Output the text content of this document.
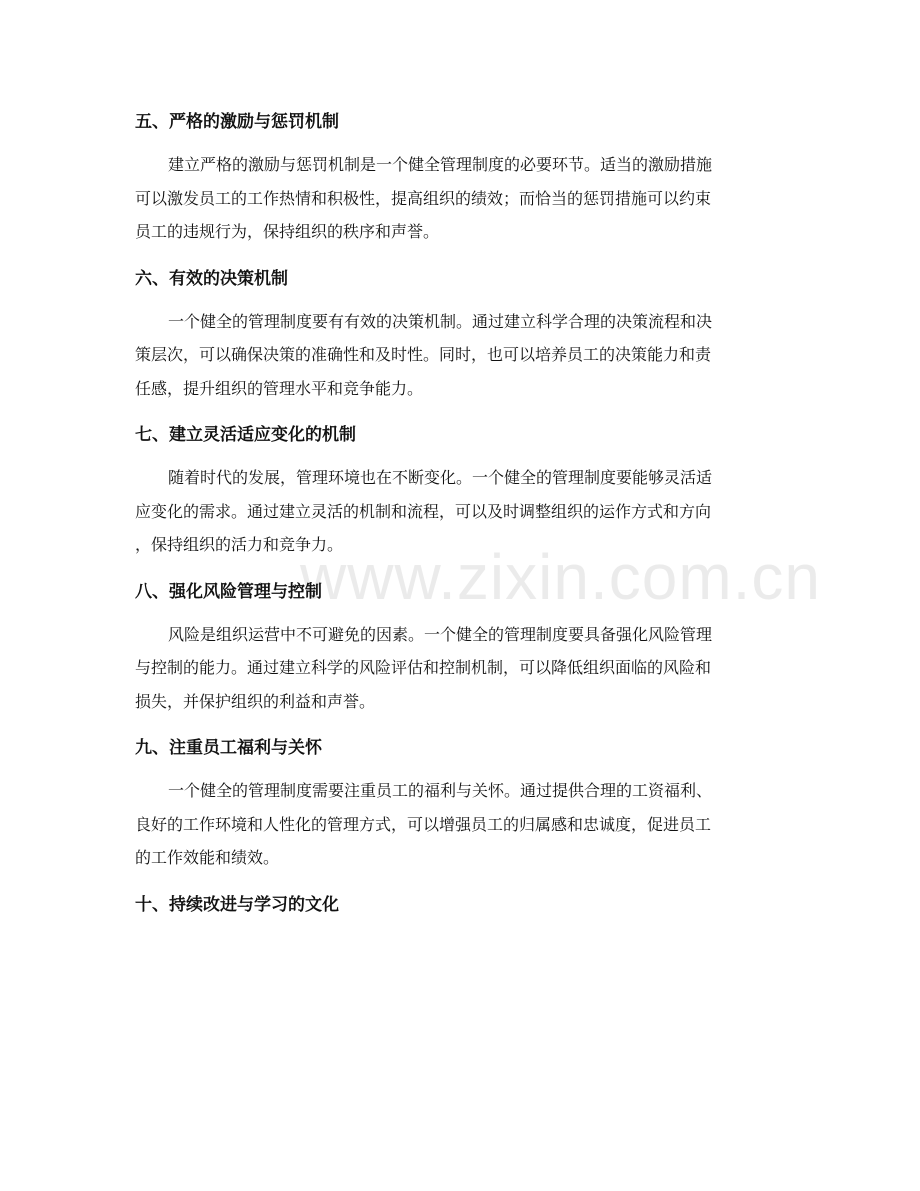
www.zixin.com.cn
五、严格的激励与惩罚机制
建立严格的激励与惩罚机制是一个健全管理制度的必要环节。适当的激励措施
可以激发员工的工作热情和积极性，提高组织的绩效；而恰当的惩罚措施可以约束
员工的违规行为，保持组织的秩序和声誉。
六、有效的决策机制
一个健全的管理制度要有有效的决策机制。通过建立科学合理的决策流程和决
策层次，可以确保决策的准确性和及时性。同时，也可以培养员工的决策能力和责
任感，提升组织的管理水平和竞争能力。
七、建立灵活适应变化的机制
随着时代的发展，管理环境也在不断变化。一个健全的管理制度要能够灵活适
应变化的需求。通过建立灵活的机制和流程，可以及时调整组织的运作方式和方向
，保持组织的活力和竞争力。
八、强化风险管理与控制
风险是组织运营中不可避免的因素。一个健全的管理制度要具备强化风险管理
与控制的能力。通过建立科学的风险评估和控制机制，可以降低组织面临的风险和
损失，并保护组织的利益和声誉。
九、注重员工福利与关怀
一个健全的管理制度需要注重员工的福利与关怀。通过提供合理的工资福利、
良好的工作环境和人性化的管理方式，可以增强员工的归属感和忠诚度，促进员工
的工作效能和绩效。
十、持续改进与学习的文化
